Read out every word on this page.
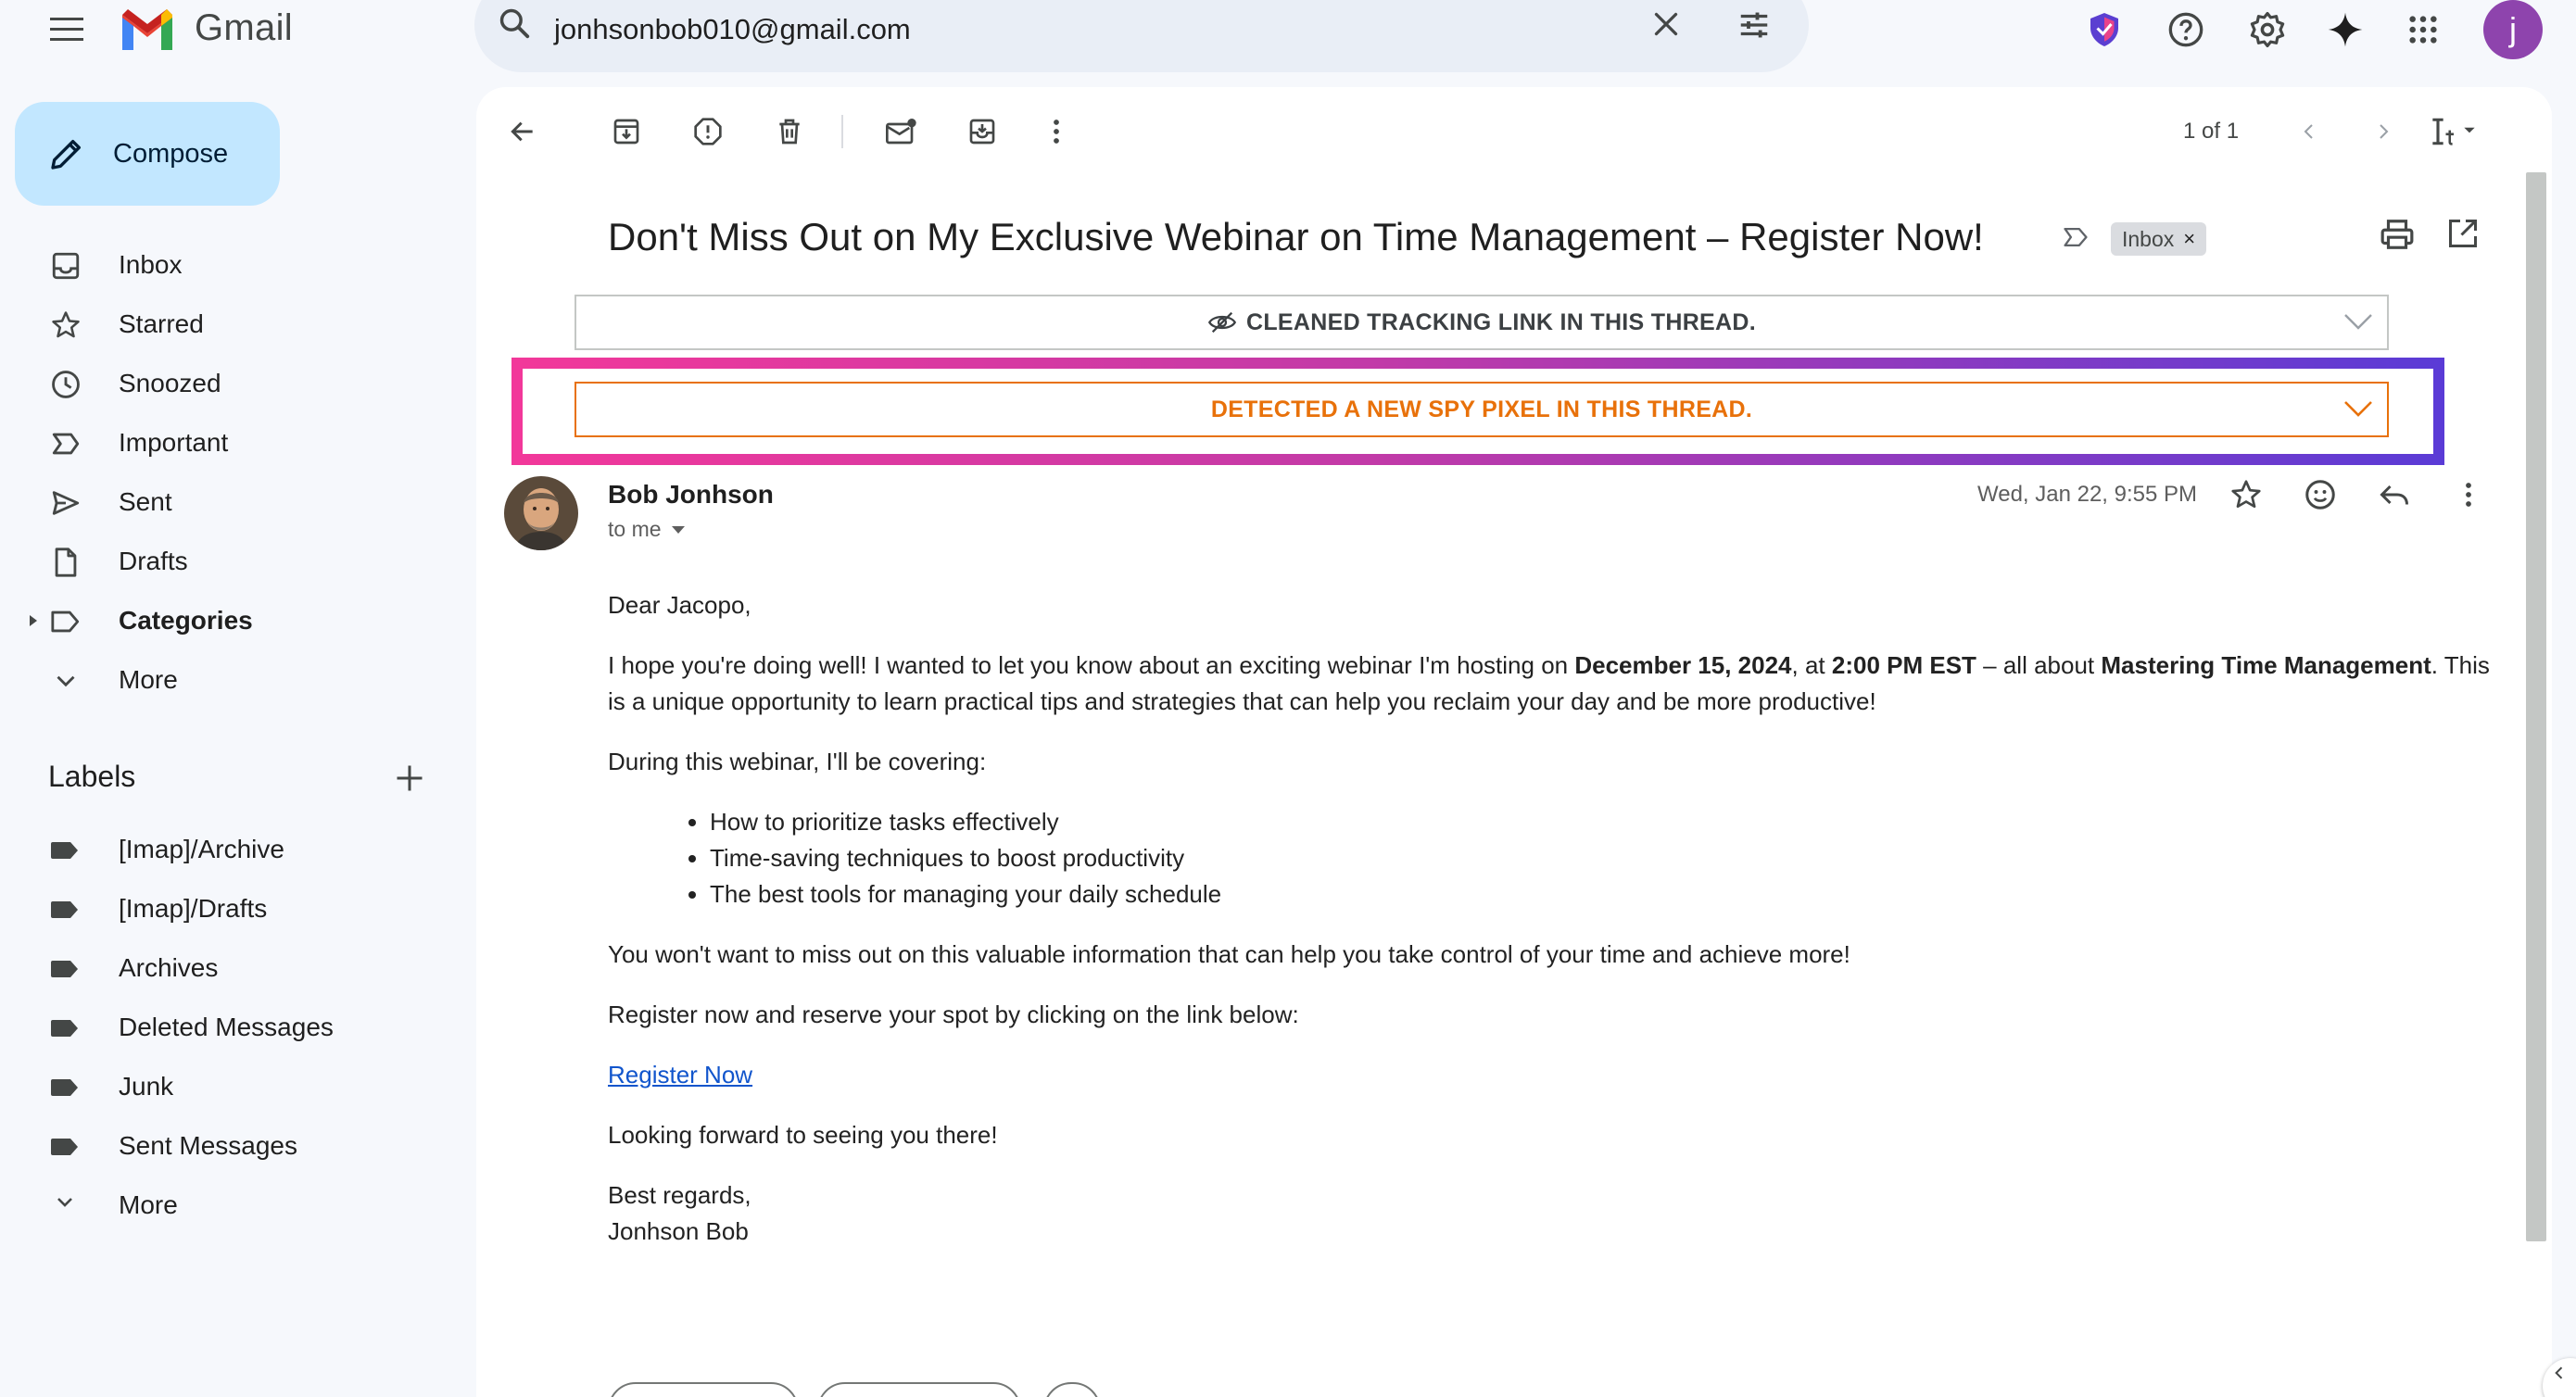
Gmail	jonhsonbob010@gmail.com	j
Compose
Inbox
Starred
Snoozed
Important
Sent
Drafts
Categories
More
Labels
[Imap]/Archive
[Imap]/Drafts
Archives
Deleted Messages
Junk
Sent Messages
More
1 of 1
Don't Miss Out on My Exclusive Webinar on Time Management – Register Now!	Inbox ×
CLEANED TRACKING LINK IN THIS THREAD.
DETECTED A NEW SPY PIXEL IN THIS THREAD.
Bob Jonhson
to me
Wed, Jan 22, 9:55 PM

Dear Jacopo,

I hope you're doing well! I wanted to let you know about an exciting webinar I'm hosting on December 15, 2024, at 2:00 PM EST – all about Mastering Time Management. This is a unique opportunity to learn practical tips and strategies that can help you reclaim your day and be more productive!

During this webinar, I'll be covering:

• How to prioritize tasks effectively
• Time-saving techniques to boost productivity
• The best tools for managing your daily schedule

You won't want to miss out on this valuable information that can help you take control of your time and achieve more!

Register now and reserve your spot by clicking on the link below:

Register Now

Looking forward to seeing you there!

Best regards,
Jonhson Bob
